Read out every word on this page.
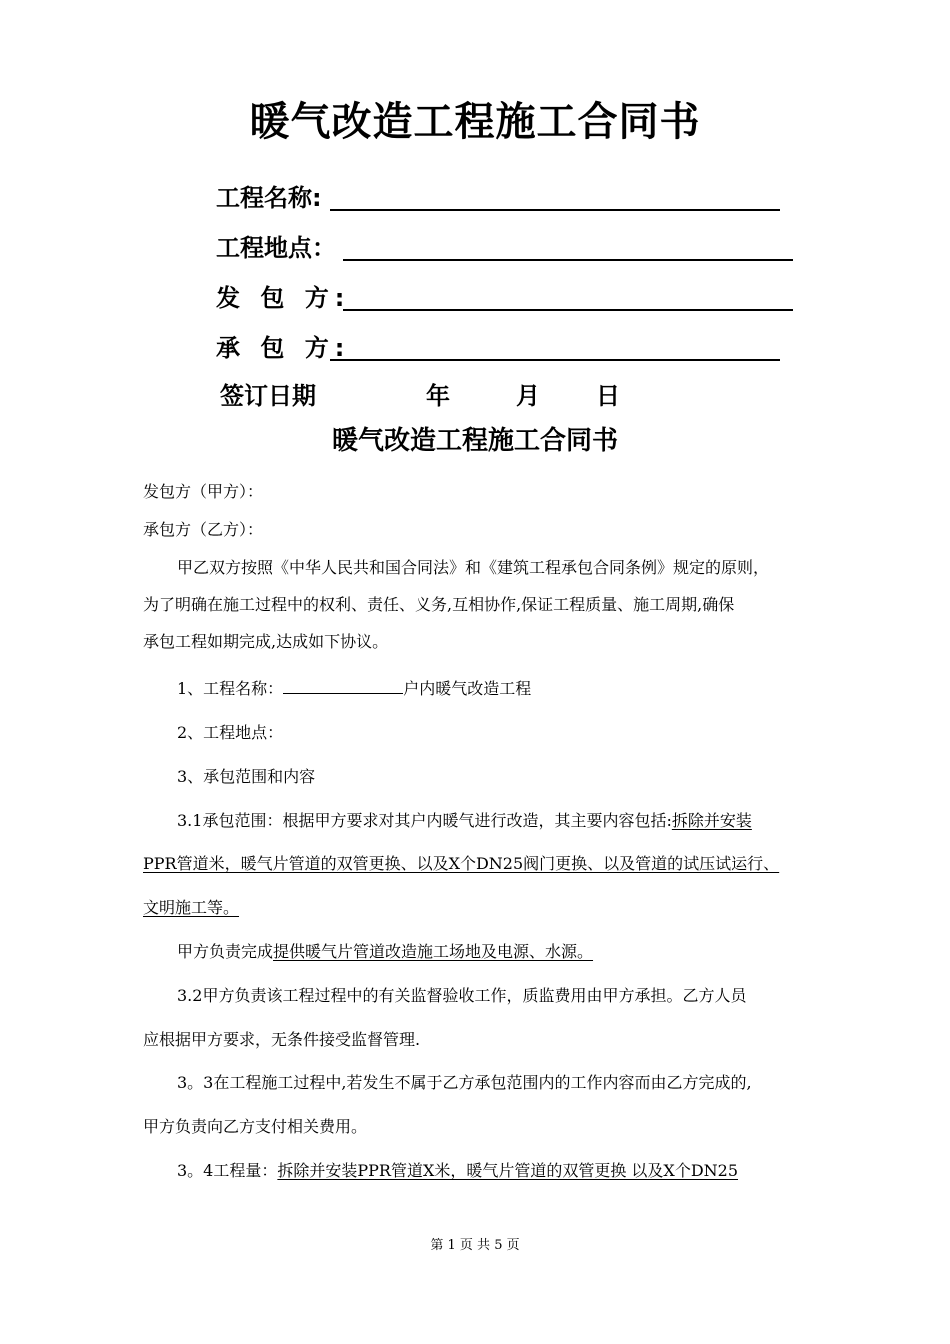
暖气改造工程施工合同书
工程名称:
工程地点：
发 包 方:
承 包 方:
签订日期	年	月 日
暖气改造工程施工合同书
发包方（甲方）：
承包方（乙方）：
甲乙双方按照《中华人民共和国合同法》和《建筑工程承包合同条例》规定的原则，
为了明确在施工过程中的权利、责任、义务,互相协作,保证工程质量、施工周期,确保
承包工程如期完成,达成如下协议。
1、工程名称：	户内暖气改造工程
2、工程地点：
3、承包范围和内容
3.1承包范围：根据甲方要求对其户内暖气进行改造，其主要内容包括:拆除并安装
PPR管道米，暖气片管道的双管更换、以及X个DN25阀门更换、以及管道的试压试运行、
文明施工等。
甲方负责完成提供暖气片管道改造施工场地及电源、水源。
3.2甲方负责该工程过程中的有关监督验收工作，质监费用由甲方承担。乙方人员
应根据甲方要求，无条件接受监督管理.
3。3在工程施工过程中,若发生不属于乙方承包范围内的工作内容而由乙方完成的,
甲方负责向乙方支付相关费用。
3。4工程量：拆除并安装PPR管道X米，暖气片管道的双管更换 以及X个DN25
第 1 页 共 5 页
